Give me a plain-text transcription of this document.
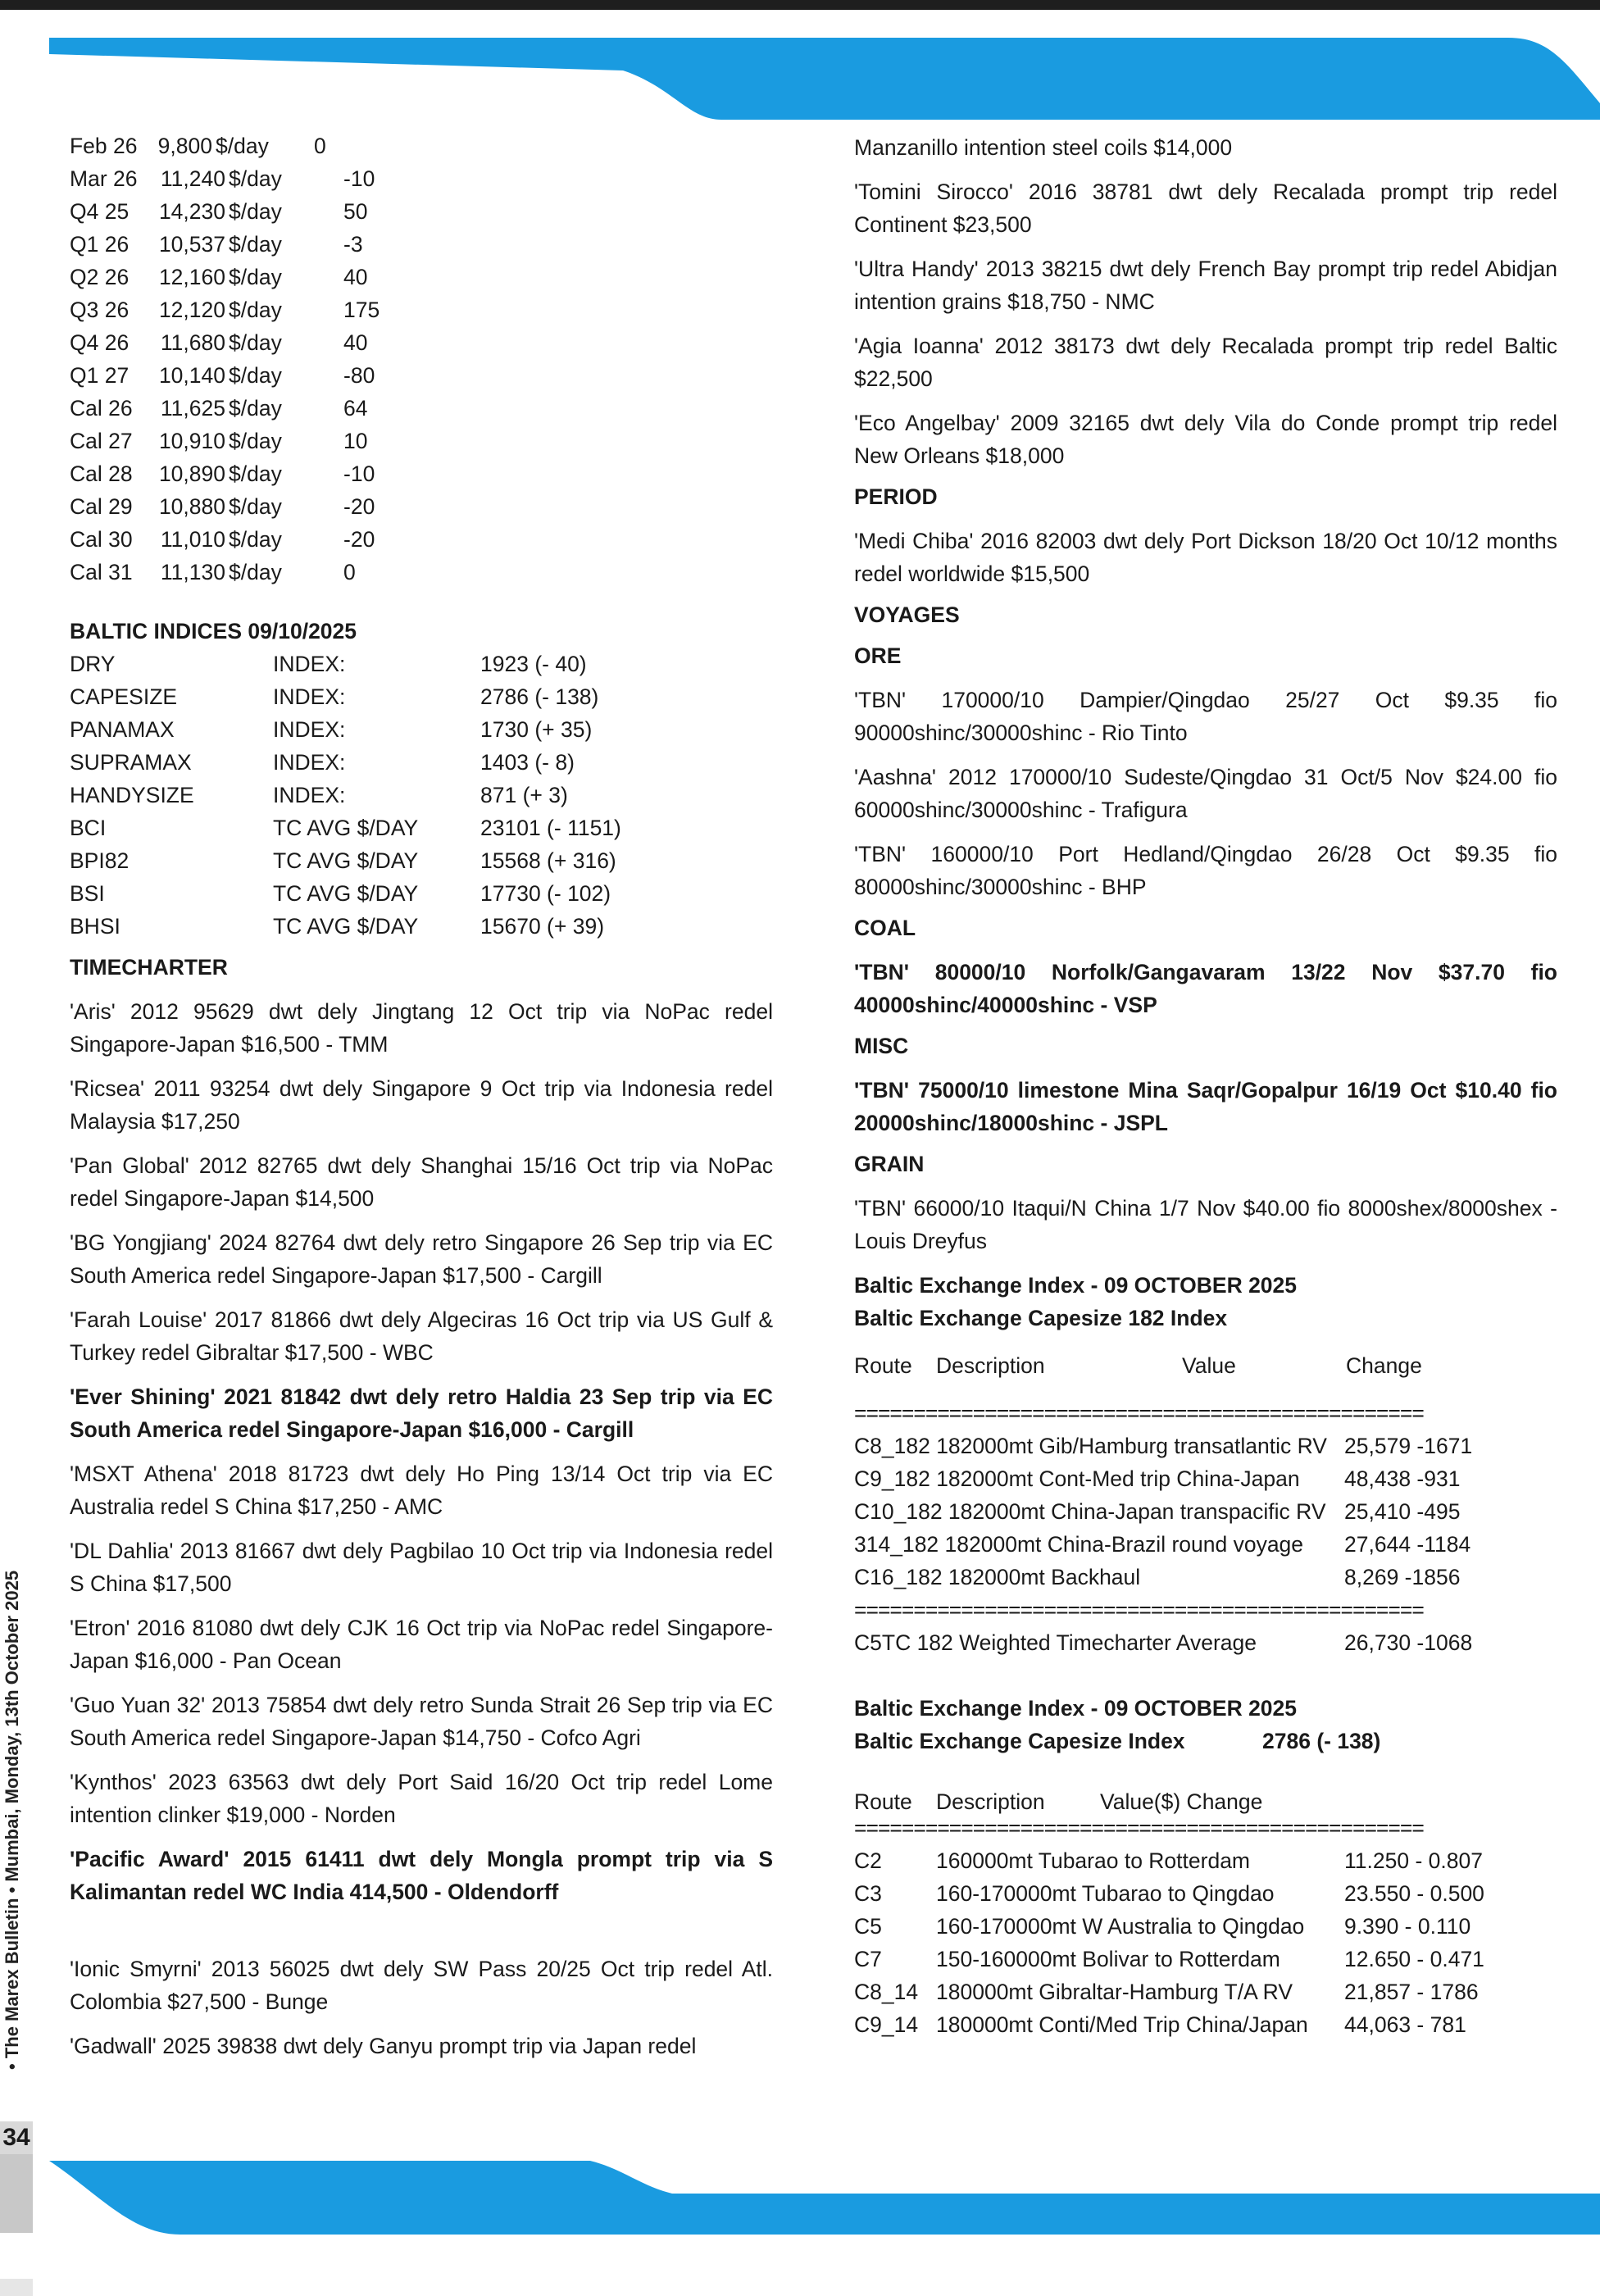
• The Marex Bulletin • Mumbai, Monday, 13th October 2025
34
Feb 26 9,800 $/day	0
Mar 26	11,240 $/day	-10
Q4 25	14,230 $/day	50
Q1 26	10,537 $/day	-3
Q2 26	12,160 $/day	40
Q3 26	12,120 $/day	175
Q4 26	11,680 $/day	40
Q1 27	10,140 $/day	-80
Cal 26	11,625 $/day	64
Cal 27	10,910 $/day	10
Cal 28	10,890 $/day	-10
Cal 29	10,880 $/day	-20
Cal 30	11,010 $/day	-20
Cal 31	11,130 $/day	0
BALTIC INDICES 09/10/2025
DRY	INDEX:	1923 (- 40)
CAPESIZE	INDEX:	2786 (- 138)
PANAMAX	INDEX:	1730 (+ 35)
SUPRAMAX	INDEX:	1403 (- 8)
HANDYSIZE	INDEX:	871 (+ 3)
BCI	TC AVG $/DAY	23101 (- 1151)
BPI82	TC AVG $/DAY	15568 (+ 316)
BSI	TC AVG $/DAY	17730 (- 102)
BHSI	TC AVG $/DAY	15670 (+ 39)
TIMECHARTER
'Aris' 2012 95629 dwt dely Jingtang 12 Oct trip via NoPac redel Singapore-Japan $16,500 - TMM
'Ricsea' 2011 93254 dwt dely Singapore 9 Oct trip via Indonesia redel Malaysia $17,250
'Pan Global' 2012 82765 dwt dely Shanghai 15/16 Oct trip via NoPac redel Singapore-Japan $14,500
'BG Yongjiang' 2024 82764 dwt dely retro Singapore 26 Sep trip via EC South America redel Singapore-Japan $17,500 - Cargill
'Farah Louise' 2017 81866 dwt dely Algeciras 16 Oct trip via US Gulf & Turkey redel Gibraltar $17,500 - WBC
'Ever Shining' 2021 81842 dwt dely retro Haldia 23 Sep trip via EC South America redel Singapore-Japan $16,000 - Cargill
'MSXT Athena' 2018 81723 dwt dely Ho Ping 13/14 Oct trip via EC Australia redel S China $17,250 - AMC
'DL Dahlia' 2013 81667 dwt dely Pagbilao 10 Oct trip via Indonesia redel S China $17,500
'Etron' 2016 81080 dwt dely CJK 16 Oct trip via NoPac redel Singapore-Japan $16,000 - Pan Ocean
'Guo Yuan 32' 2013 75854 dwt dely retro Sunda Strait 26 Sep trip via EC South America redel Singapore-Japan $14,750 - Cofco Agri
'Kynthos' 2023 63563 dwt dely Port Said 16/20 Oct trip redel Lome intention clinker $19,000 - Norden
'Pacific Award' 2015 61411 dwt dely Mongla prompt trip via S Kalimantan redel WC India 414,500 - Oldendorff
'Ionic Smyrni' 2013 56025 dwt dely SW Pass 20/25 Oct trip redel Atl. Colombia $27,500 - Bunge
'Gadwall' 2025 39838 dwt dely Ganyu prompt trip via Japan redel
Manzanillo intention steel coils $14,000
'Tomini Sirocco' 2016 38781 dwt dely Recalada prompt trip redel Continent $23,500
'Ultra Handy' 2013 38215 dwt dely French Bay prompt trip redel Abidjan intention grains $18,750 - NMC
'Agia Ioanna' 2012 38173 dwt dely Recalada prompt trip redel Baltic $22,500
'Eco Angelbay' 2009 32165 dwt dely Vila do Conde prompt trip redel New Orleans $18,000
PERIOD
'Medi Chiba' 2016 82003 dwt dely Port Dickson 18/20 Oct 10/12 months redel worldwide $15,500
VOYAGES
ORE
'TBN' 170000/10 Dampier/Qingdao 25/27 Oct $9.35 fio 90000shinc/30000shinc - Rio Tinto
'Aashna' 2012 170000/10 Sudeste/Qingdao 31 Oct/5 Nov $24.00 fio 60000shinc/30000shinc - Trafigura
'TBN' 160000/10 Port Hedland/Qingdao 26/28 Oct $9.35 fio 80000shinc/30000shinc - BHP
COAL
'TBN' 80000/10 Norfolk/Gangavaram 13/22 Nov $37.70 fio 40000shinc/40000shinc - VSP
MISC
'TBN' 75000/10 limestone Mina Saqr/Gopalpur 16/19 Oct $10.40 fio 20000shinc/18000shinc - JSPL
GRAIN
'TBN' 66000/10 Itaqui/N China 1/7 Nov $40.00 fio 8000shex/8000shex - Louis Dreyfus
Baltic Exchange Index - 09 OCTOBER 2025
Baltic Exchange Capesize 182 Index
Route	Description	Value	Change
================================================
C8_182 182000mt Gib/Hamburg transatlantic RV 25,579 -1671
C9_182 182000mt Cont-Med trip China-Japan	48,438 -931
C10_182 182000mt China-Japan transpacific RV 25,410 -495
314_182 182000mt China-Brazil round voyage	27,644 -1184
C16_182 182000mt Backhaul	8,269 -1856
================================================
C5TC 182 Weighted Timecharter Average	26,730 -1068
Baltic Exchange Index - 09 OCTOBER 2025
Baltic Exchange Capesize Index	2786 (- 138)
Route	Description	Value($) Change
================================================
C2	160000mt Tubarao to Rotterdam	11.250 - 0.807
C3	160-170000mt Tubarao to Qingdao	23.550 - 0.500
C5	160-170000mt W Australia to Qingdao	9.390 - 0.110
C7	150-160000mt Bolivar to Rotterdam	12.650 - 0.471
C8_14 180000mt Gibraltar-Hamburg T/A RV	21,857 - 1786
C9_14 180000mt Conti/Med Trip China/Japan	44,063 - 781
